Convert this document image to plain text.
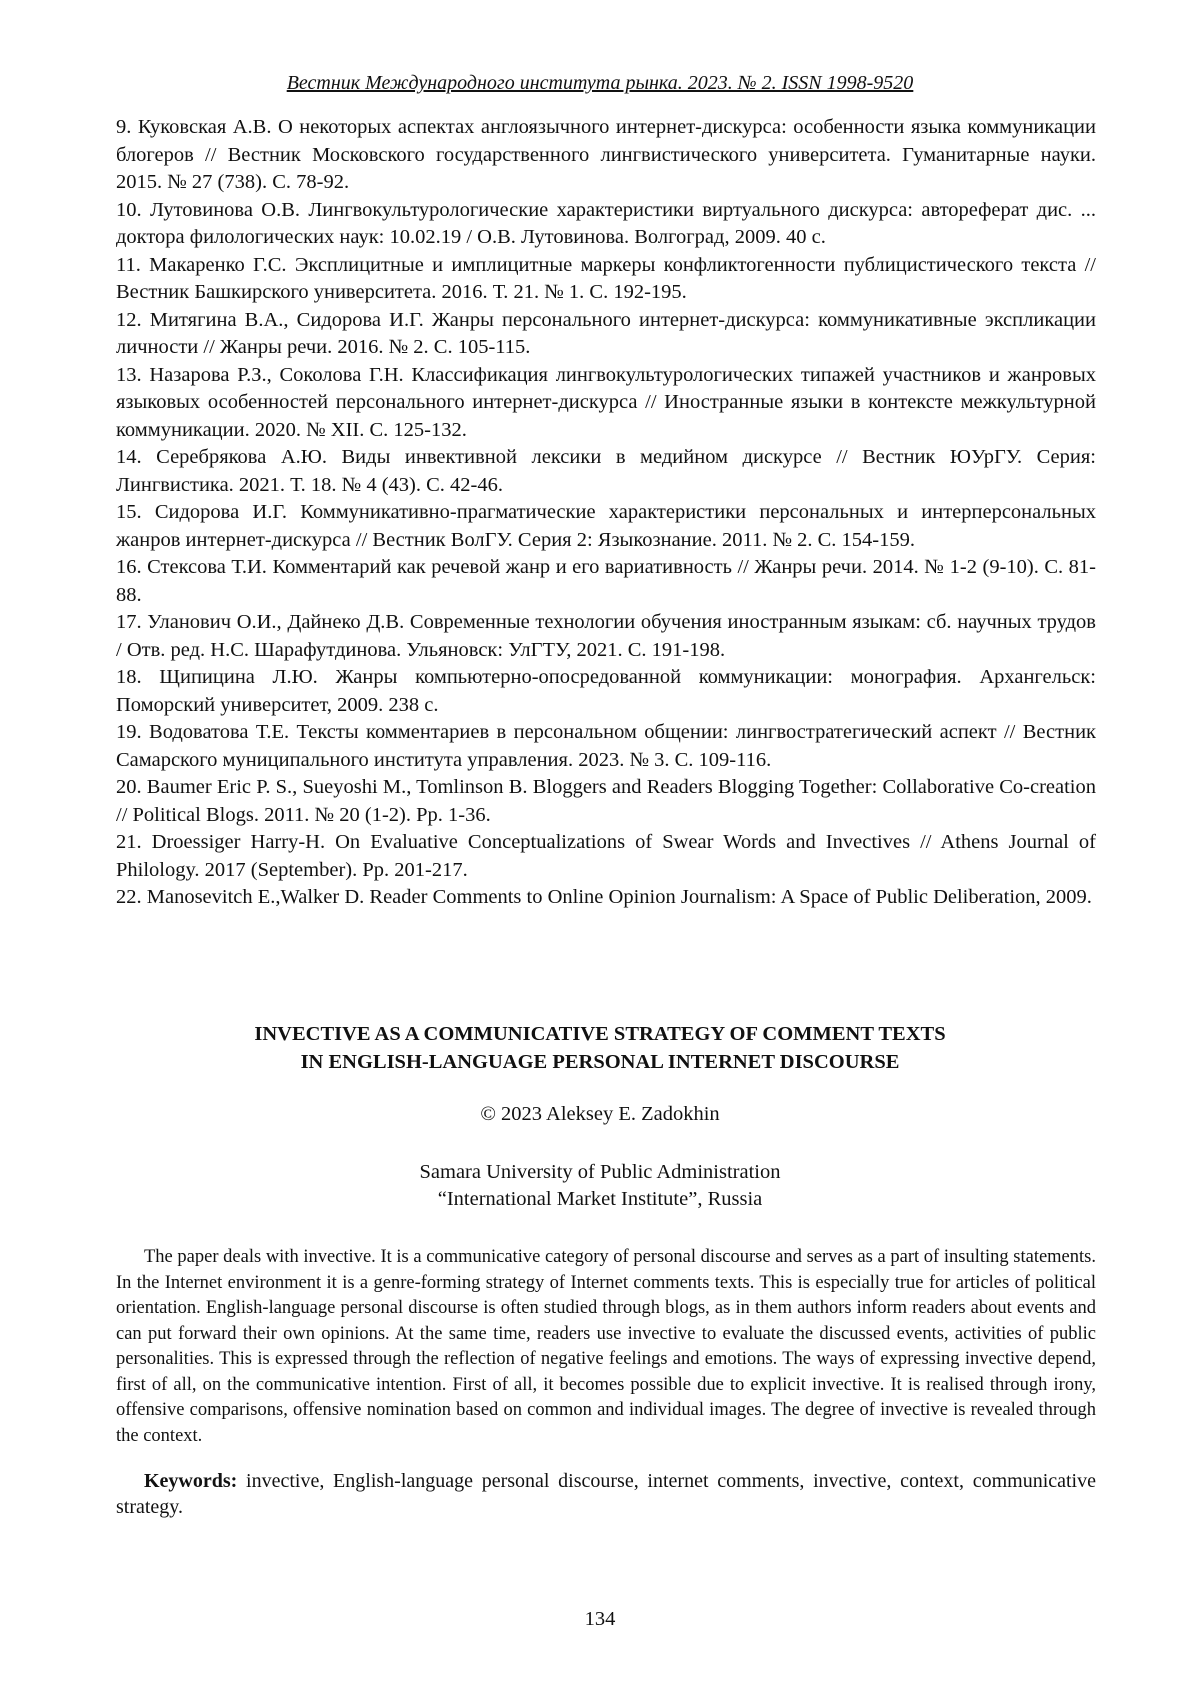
Вестник Международного института рынка. 2023. № 2. ISSN 1998-9520

9. Куковская А.В. О некоторых аспектах англоязычного интернет-дискурса: особенности языка коммуникации блогеров // Вестник Московского государственного лингвистического университета. Гуманитарные науки. 2015. № 27 (738). С. 78-92.

10. Лутовинова О.В. Лингвокультурологические характеристики виртуального дискурса: автореферат дис. ... доктора филологических наук: 10.02.19 / О.В. Лутовинова. Волгоград, 2009. 40 с.

11. Макаренко Г.С. Эксплицитные и имплицитные маркеры конфликтогенности публицистического текста // Вестник Башкирского университета. 2016. Т. 21. № 1. С. 192-195.

12. Митягина В.А., Сидорова И.Г. Жанры персонального интернет-дискурса: коммуникативные экспликации личности // Жанры речи. 2016. № 2. С. 105-115.

13. Назарова Р.З., Соколова Г.Н. Классификация лингвокультурологических типажей участников и жанровых языковых особенностей персонального интернет-дискурса // Иностранные языки в контексте межкультурной коммуникации. 2020. № XII. С. 125-132.

14. Серебрякова А.Ю. Виды инвективной лексики в медийном дискурсе // Вестник ЮУрГУ. Серия: Лингвистика. 2021. Т. 18. № 4 (43). С. 42-46.

15. Сидорова И.Г. Коммуникативно-прагматические характеристики персональных и интерперсональных жанров интернет-дискурса // Вестник ВолГУ. Серия 2: Языкознание. 2011. № 2. С. 154-159.

16. Стексова Т.И. Комментарий как речевой жанр и его вариативность // Жанры речи. 2014. № 1-2 (9-10). С. 81-88.

17. Уланович О.И., Дайнеко Д.В. Современные технологии обучения иностранным языкам: сб. научных трудов / Отв. ред. Н.С. Шарафутдинова. Ульяновск: УлГТУ, 2021. С. 191-198.

18. Щипицина Л.Ю. Жанры компьютерно-опосредованной коммуникации: монография. Архангельск: Поморский университет, 2009. 238 с.

19. Водоватова Т.Е. Тексты комментариев в персональном общении: лингвостратегический аспект // Вестник Самарского муниципального института управления. 2023. № 3. С. 109-116.

20. Baumer Eric P. S., Sueyoshi M., Tomlinson B. Bloggers and Readers Blogging Together: Collaborative Co-creation // Political Blogs. 2011. № 20 (1-2). Pp. 1-36.

21. Droessiger Harry-H. On Evaluative Conceptualizations of Swear Words and Invectives // Athens Journal of Philology. 2017 (September). Pp. 201-217.

22. Manosevitch E.,Walker D. Reader Comments to Online Opinion Journalism: A Space of Public Deliberation, 2009.

INVECTIVE AS A COMMUNICATIVE STRATEGY OF COMMENT TEXTS
IN ENGLISH-LANGUAGE PERSONAL INTERNET DISCOURSE
© 2023 Aleksey E. Zadokhin
Samara University of Public Administration
“International Market Institute”, Russia

The paper deals with invective. It is a communicative category of personal discourse and serves as a part of insulting statements. In the Internet environment it is a genre-forming strategy of Internet comments texts. This is especially true for articles of political orientation. English-language personal discourse is often studied through blogs, as in them authors inform readers about events and can put forward their own opinions. At the same time, readers use invective to evaluate the discussed events, activities of public personalities. This is expressed through the reflection of negative feelings and emotions. The ways of expressing invective depend, first of all, on the communicative intention. First of all, it becomes possible due to explicit invective. It is realised through irony, offensive comparisons, offensive nomination based on common and individual images. The degree of invective is revealed through the context.

Keywords: invective, English-language personal discourse, internet comments, invective, context, communicative strategy.

134
